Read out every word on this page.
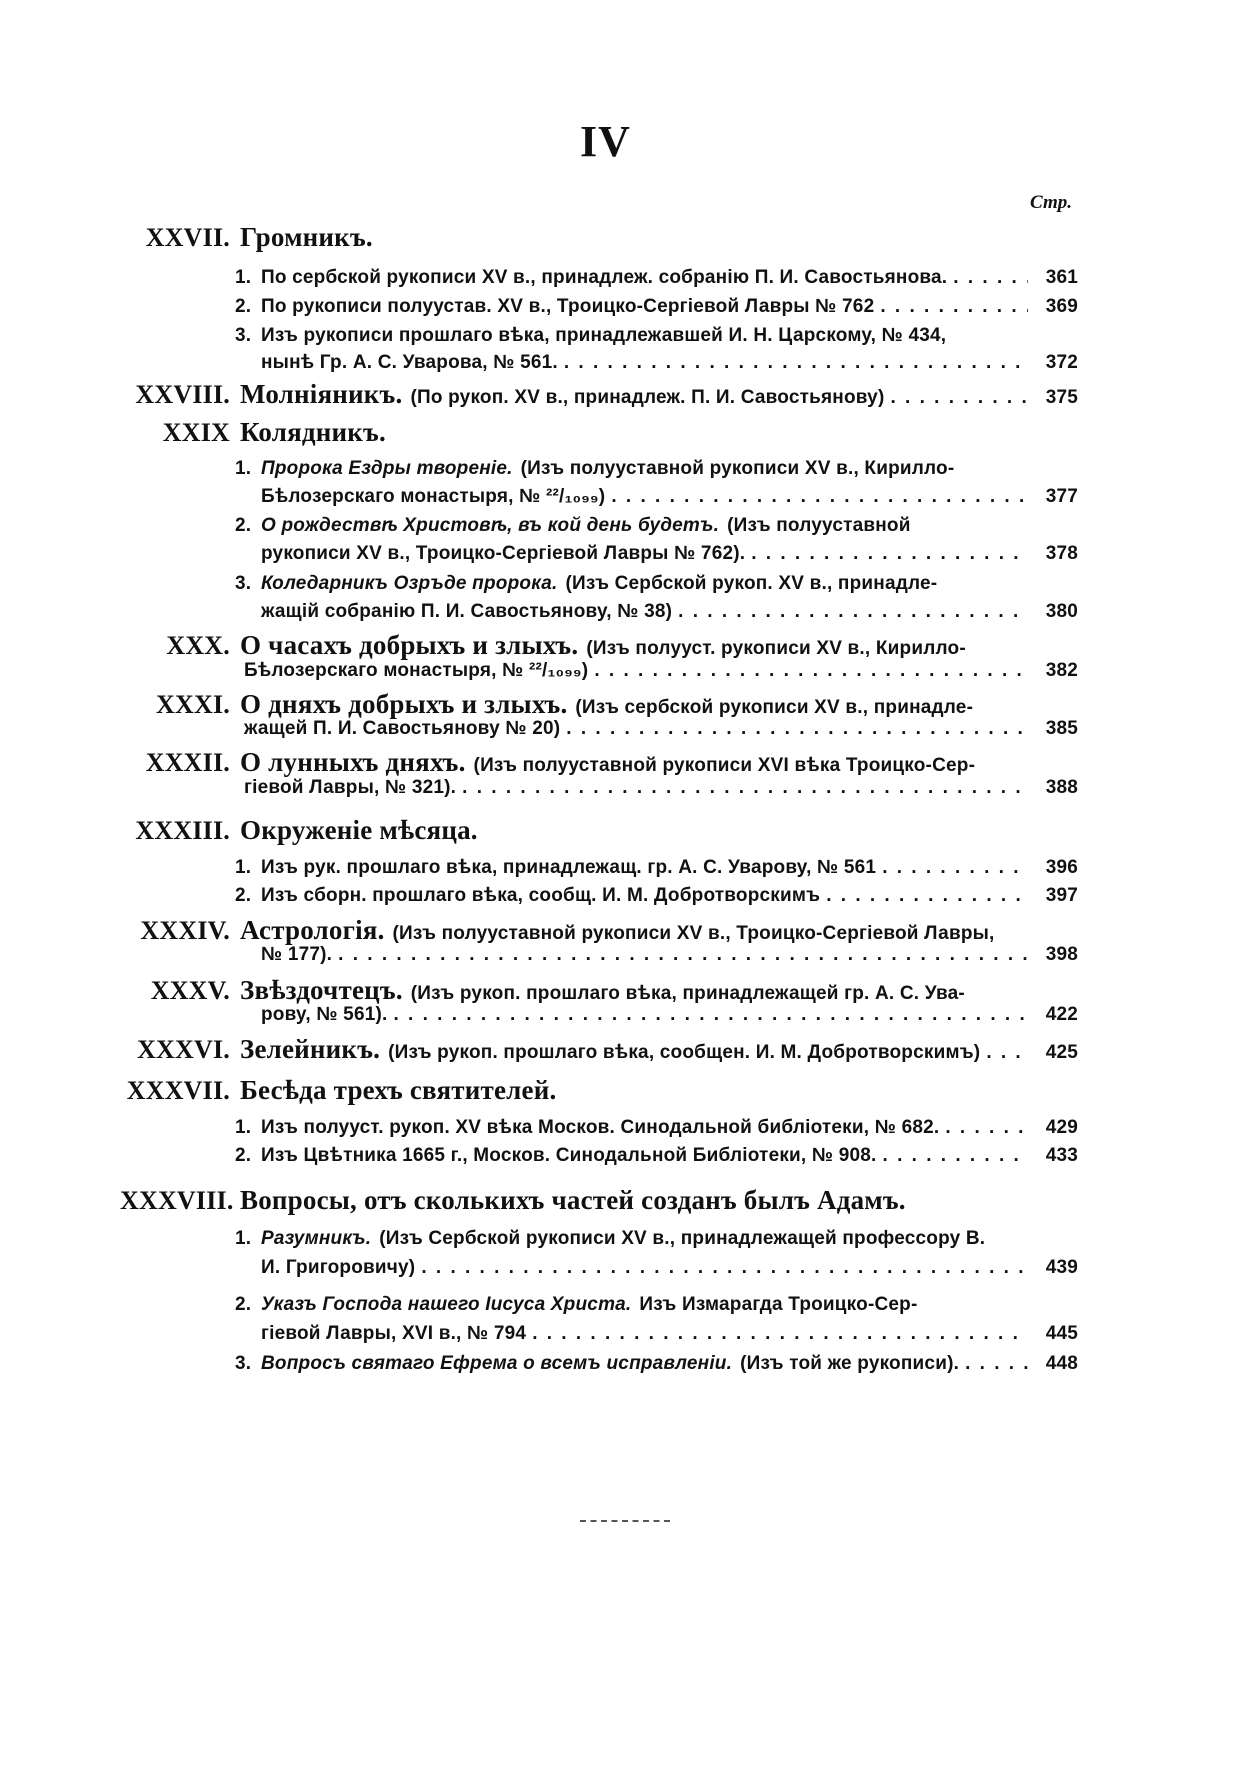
IV
Стр.
XXVII. Громникъ.
1. По сербской рукописи XV в., принадлеж. собранію П. И. Савостьянова. . . .	361
2. По рукописи полуустав. XV в., Троицко-Сергіевой Лавры № 762 . . .	369
3. Изъ рукописи прошлаго вѣка, принадлежавшей И. Н. Царскому, № 434,
нынѣ Гр. А. С. Уварова, № 561. . . .	372
XXVIII. Молніяникъ. (По рукоп. XV в., принадлеж. П. И. Савостьянову) . . .	375
XXIX Колядникъ.
1. Пророка Ездры твореніе. (Изъ полууставной рукописи XV в., Кирилло-
Бѣлозерскаго монастыря, № ²²/₁₀₉₉) . . .	377
2. О рождествѣ Христовѣ, въ кой день будетъ. (Изъ полууставной
рукописи XV в., Троицко-Сергіевой Лавры № 762). . . .	378
3. Коледарникъ Озръде пророка. (Изъ Сербской рукоп. XV в., принадле-
жащій собранію П. И. Савостьянову, № 38) . . .	380
XXX. О часахъ добрыхъ и злыхъ. (Изъ полууст. рукописи XV в., Кирилло-
Бѣлозерскаго монастыря, № ²²/₁₀₉₉) . . .	382
XXXI. О дняхъ добрыхъ и злыхъ. (Изъ сербской рукописи XV в., принадле-
жащей П. И. Савостьянову № 20) . . .	385
XXXII. О лунныхъ дняхъ. (Изъ полууставной рукописи XVI вѣка Троицко-Сер-
гіевой Лавры, № 321). . . .	388
XXXIII. Окруженіе мѣсяца.
1. Изъ рук. прошлаго вѣка, принадлежащ. гр. А. С. Уварову, № 561 . . .	396
2. Изъ сборн. прошлаго вѣка, сообщ. И. М. Добротворскимъ . . .	397
XXXIV. Астрологія. (Изъ полууставной рукописи XV в., Троицко-Сергіевой Лавры,
№ 177). . . .	398
XXXV. Звѣздочтецъ. (Изъ рукоп. прошлаго вѣка, принадлежащей гр. А. С. Ува-
рову, № 561). . . .	422
XXXVI. Зелейникъ. (Изъ рукоп. прошлаго вѣка, сообщен. И. М. Добротворскимъ) . . .	425
XXXVII. Бесѣда трехъ святителей.
1. Изъ полууст. рукоп. XV вѣка Москов. Синодальной библіотеки, № 682. . . .	429
2. Изъ Цвѣтника 1665 г., Москов. Синодальной Библіотеки, № 908. . . .	433
XXXVIII. Вопросы, отъ сколькихъ частей созданъ былъ Адамъ.
1. Разумникъ. (Изъ Сербской рукописи XV в., принадлежащей профессору В.
И. Григоровичу) . . .	439
2. Указъ Господа нашего Іисуса Христа. Изъ Измарагда Троицко-Сер-
гіевой Лавры, XVI в., № 794 . . .	445
3. Вопросъ святаго Ефрема о всемъ исправленіи. (Изъ той же рукописи). . . .	448
